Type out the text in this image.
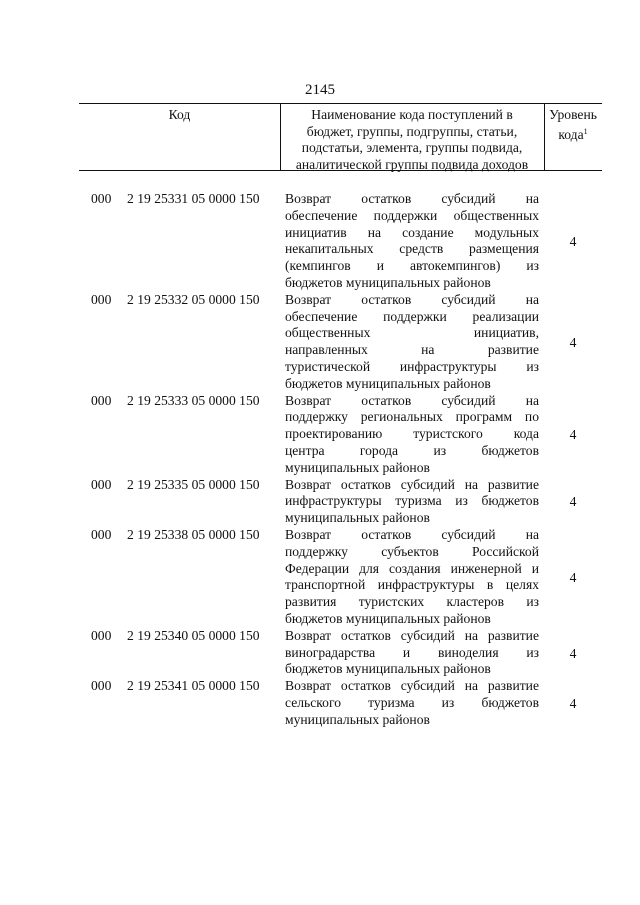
2145
Код	Наименование кода поступлений в
бюджет, группы, подгруппы, статьи,
подстатьи, элемента, группы подвида,
аналитической группы подвида доходов
Уровень
кода$^1$
000 2 19 25331 05 0000 150 Возврат остатков субсидий на
обеспечение поддержки общественных
инициатив на создание модульных
некапитальных средств размещения
(кемпингов и автокемпингов) из
бюджетов муниципальных районов
4
000 2 19 25332 05 0000 150 Возврат остатков субсидий на
обеспечение поддержки реализации
общественных инициатив,
направленных на развитие
туристической инфраструктуры из
бюджетов муниципальных районов
4
000 2 19 25333 05 0000 150 Возврат остатков субсидий на
поддержку региональных программ по
проектированию туристского кода
центра города из бюджетов
муниципальных районов
4
000 2 19 25335 05 0000 150 Возврат остатков субсидий на развитие
инфраструктуры туризма из бюджетов
муниципальных районов
4
000 2 19 25338 05 0000 150 Возврат остатков субсидий на
поддержку субъектов Российской
Федерации для создания инженерной и
транспортной инфраструктуры в целях
развития туристских кластеров из
бюджетов муниципальных районов
4
000 2 19 25340 05 0000 150 Возврат остатков субсидий на развитие
виноградарства и виноделия из
бюджетов муниципальных районов
4
000 2 19 25341 05 0000 150 Возврат остатков субсидий на развитие
сельского туризма из бюджетов
муниципальных районов
4
